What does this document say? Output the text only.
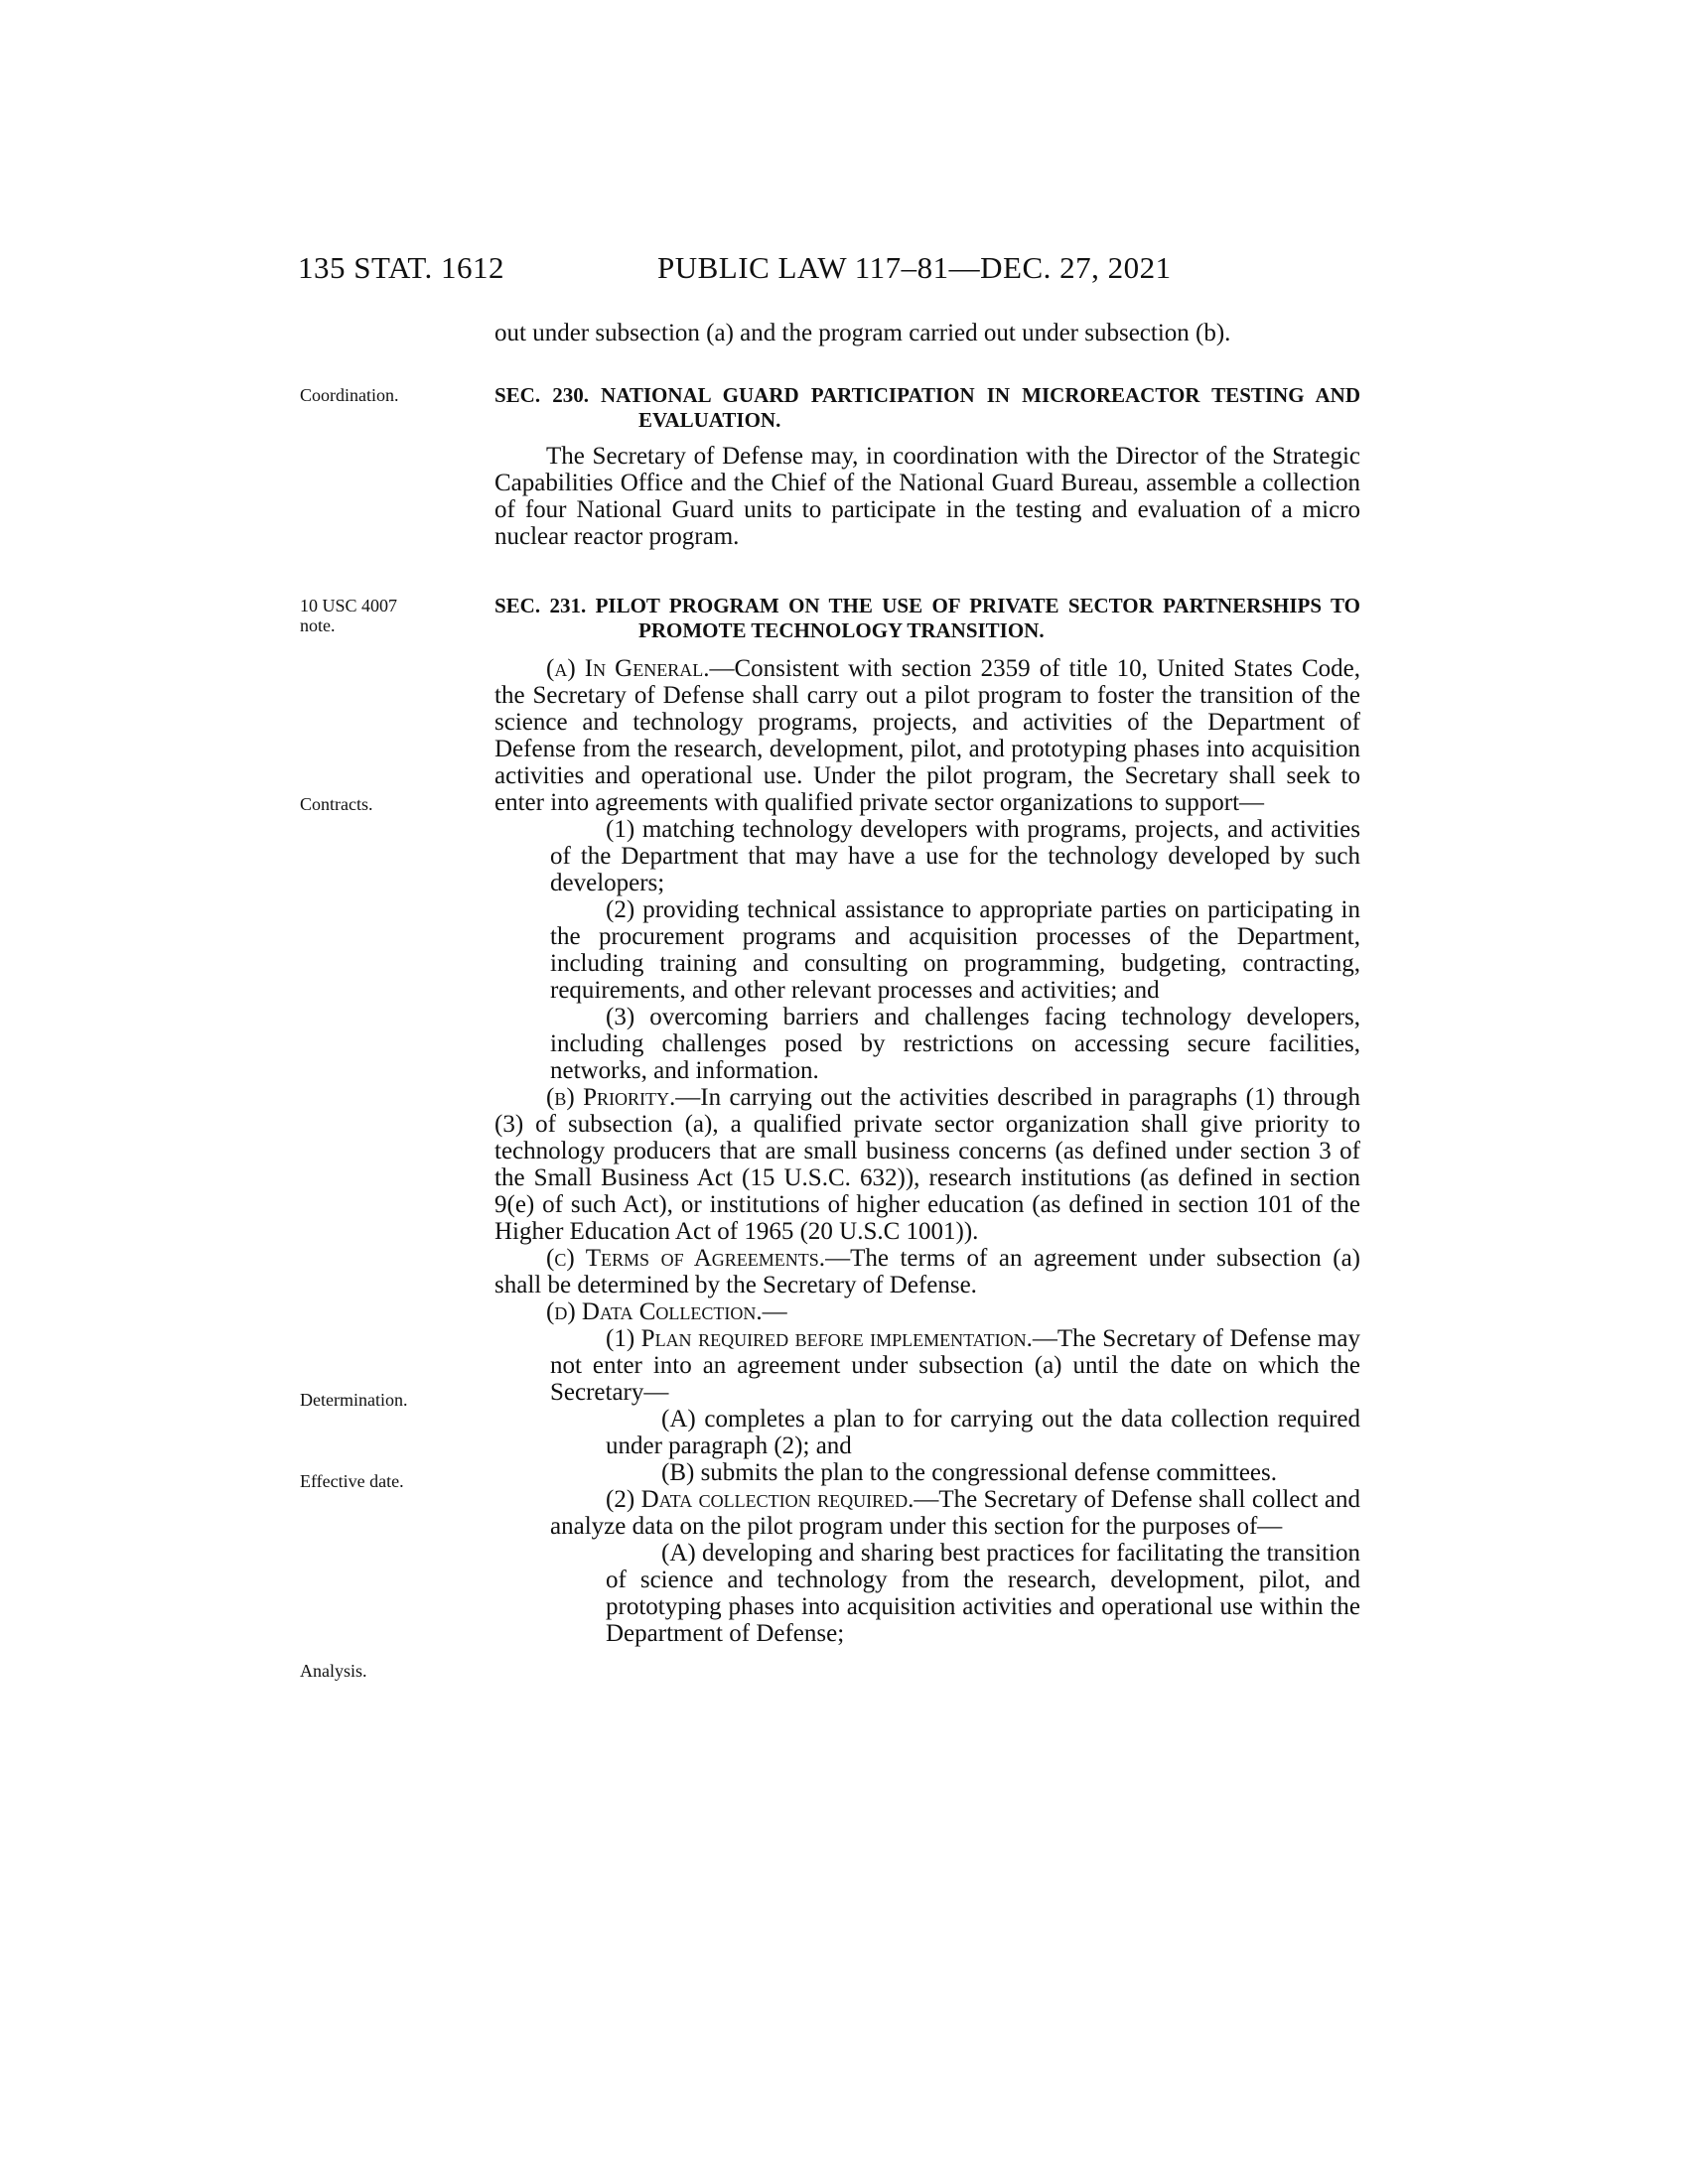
135 STAT. 1612	PUBLIC LAW 117–81—DEC. 27, 2021
Coordination.
10 USC 4007
note.
Contracts.
Determination.
Effective date.
Analysis.
out under subsection (a) and the program carried out under subsection (b).
SEC. 230. NATIONAL GUARD PARTICIPATION IN MICROREACTOR TESTING AND EVALUATION.

The Secretary of Defense may, in coordination with the Director of the Strategic Capabilities Office and the Chief of the National Guard Bureau, assemble a collection of four National Guard units to participate in the testing and evaluation of a micro nuclear reactor program.

SEC. 231. PILOT PROGRAM ON THE USE OF PRIVATE SECTOR PARTNERSHIPS TO PROMOTE TECHNOLOGY TRANSITION.

(a) In General.—Consistent with section 2359 of title 10, United States Code, the Secretary of Defense shall carry out a pilot program to foster the transition of the science and technology programs, projects, and activities of the Department of Defense from the research, development, pilot, and prototyping phases into acquisition activities and operational use. Under the pilot program, the Secretary shall seek to enter into agreements with qualified private sector organizations to support—

(1) matching technology developers with programs, projects, and activities of the Department that may have a use for the technology developed by such developers;

(2) providing technical assistance to appropriate parties on participating in the procurement programs and acquisition processes of the Department, including training and consulting on programming, budgeting, contracting, requirements, and other relevant processes and activities; and

(3) overcoming barriers and challenges facing technology developers, including challenges posed by restrictions on accessing secure facilities, networks, and information.

(b) Priority.—In carrying out the activities described in paragraphs (1) through (3) of subsection (a), a qualified private sector organization shall give priority to technology producers that are small business concerns (as defined under section 3 of the Small Business Act (15 U.S.C. 632)), research institutions (as defined in section 9(e) of such Act), or institutions of higher education (as defined in section 101 of the Higher Education Act of 1965 (20 U.S.C 1001)).

(c) Terms of Agreements.—The terms of an agreement under subsection (a) shall be determined by the Secretary of Defense.

(d) Data Collection.—

(1) Plan required before implementation.—The Secretary of Defense may not enter into an agreement under subsection (a) until the date on which the Secretary—

(A) completes a plan to for carrying out the data collection required under paragraph (2); and

(B) submits the plan to the congressional defense committees.

(2) Data collection required.—The Secretary of Defense shall collect and analyze data on the pilot program under this section for the purposes of—

(A) developing and sharing best practices for facilitating the transition of science and technology from the research, development, pilot, and prototyping phases into acquisition activities and operational use within the Department of Defense;
